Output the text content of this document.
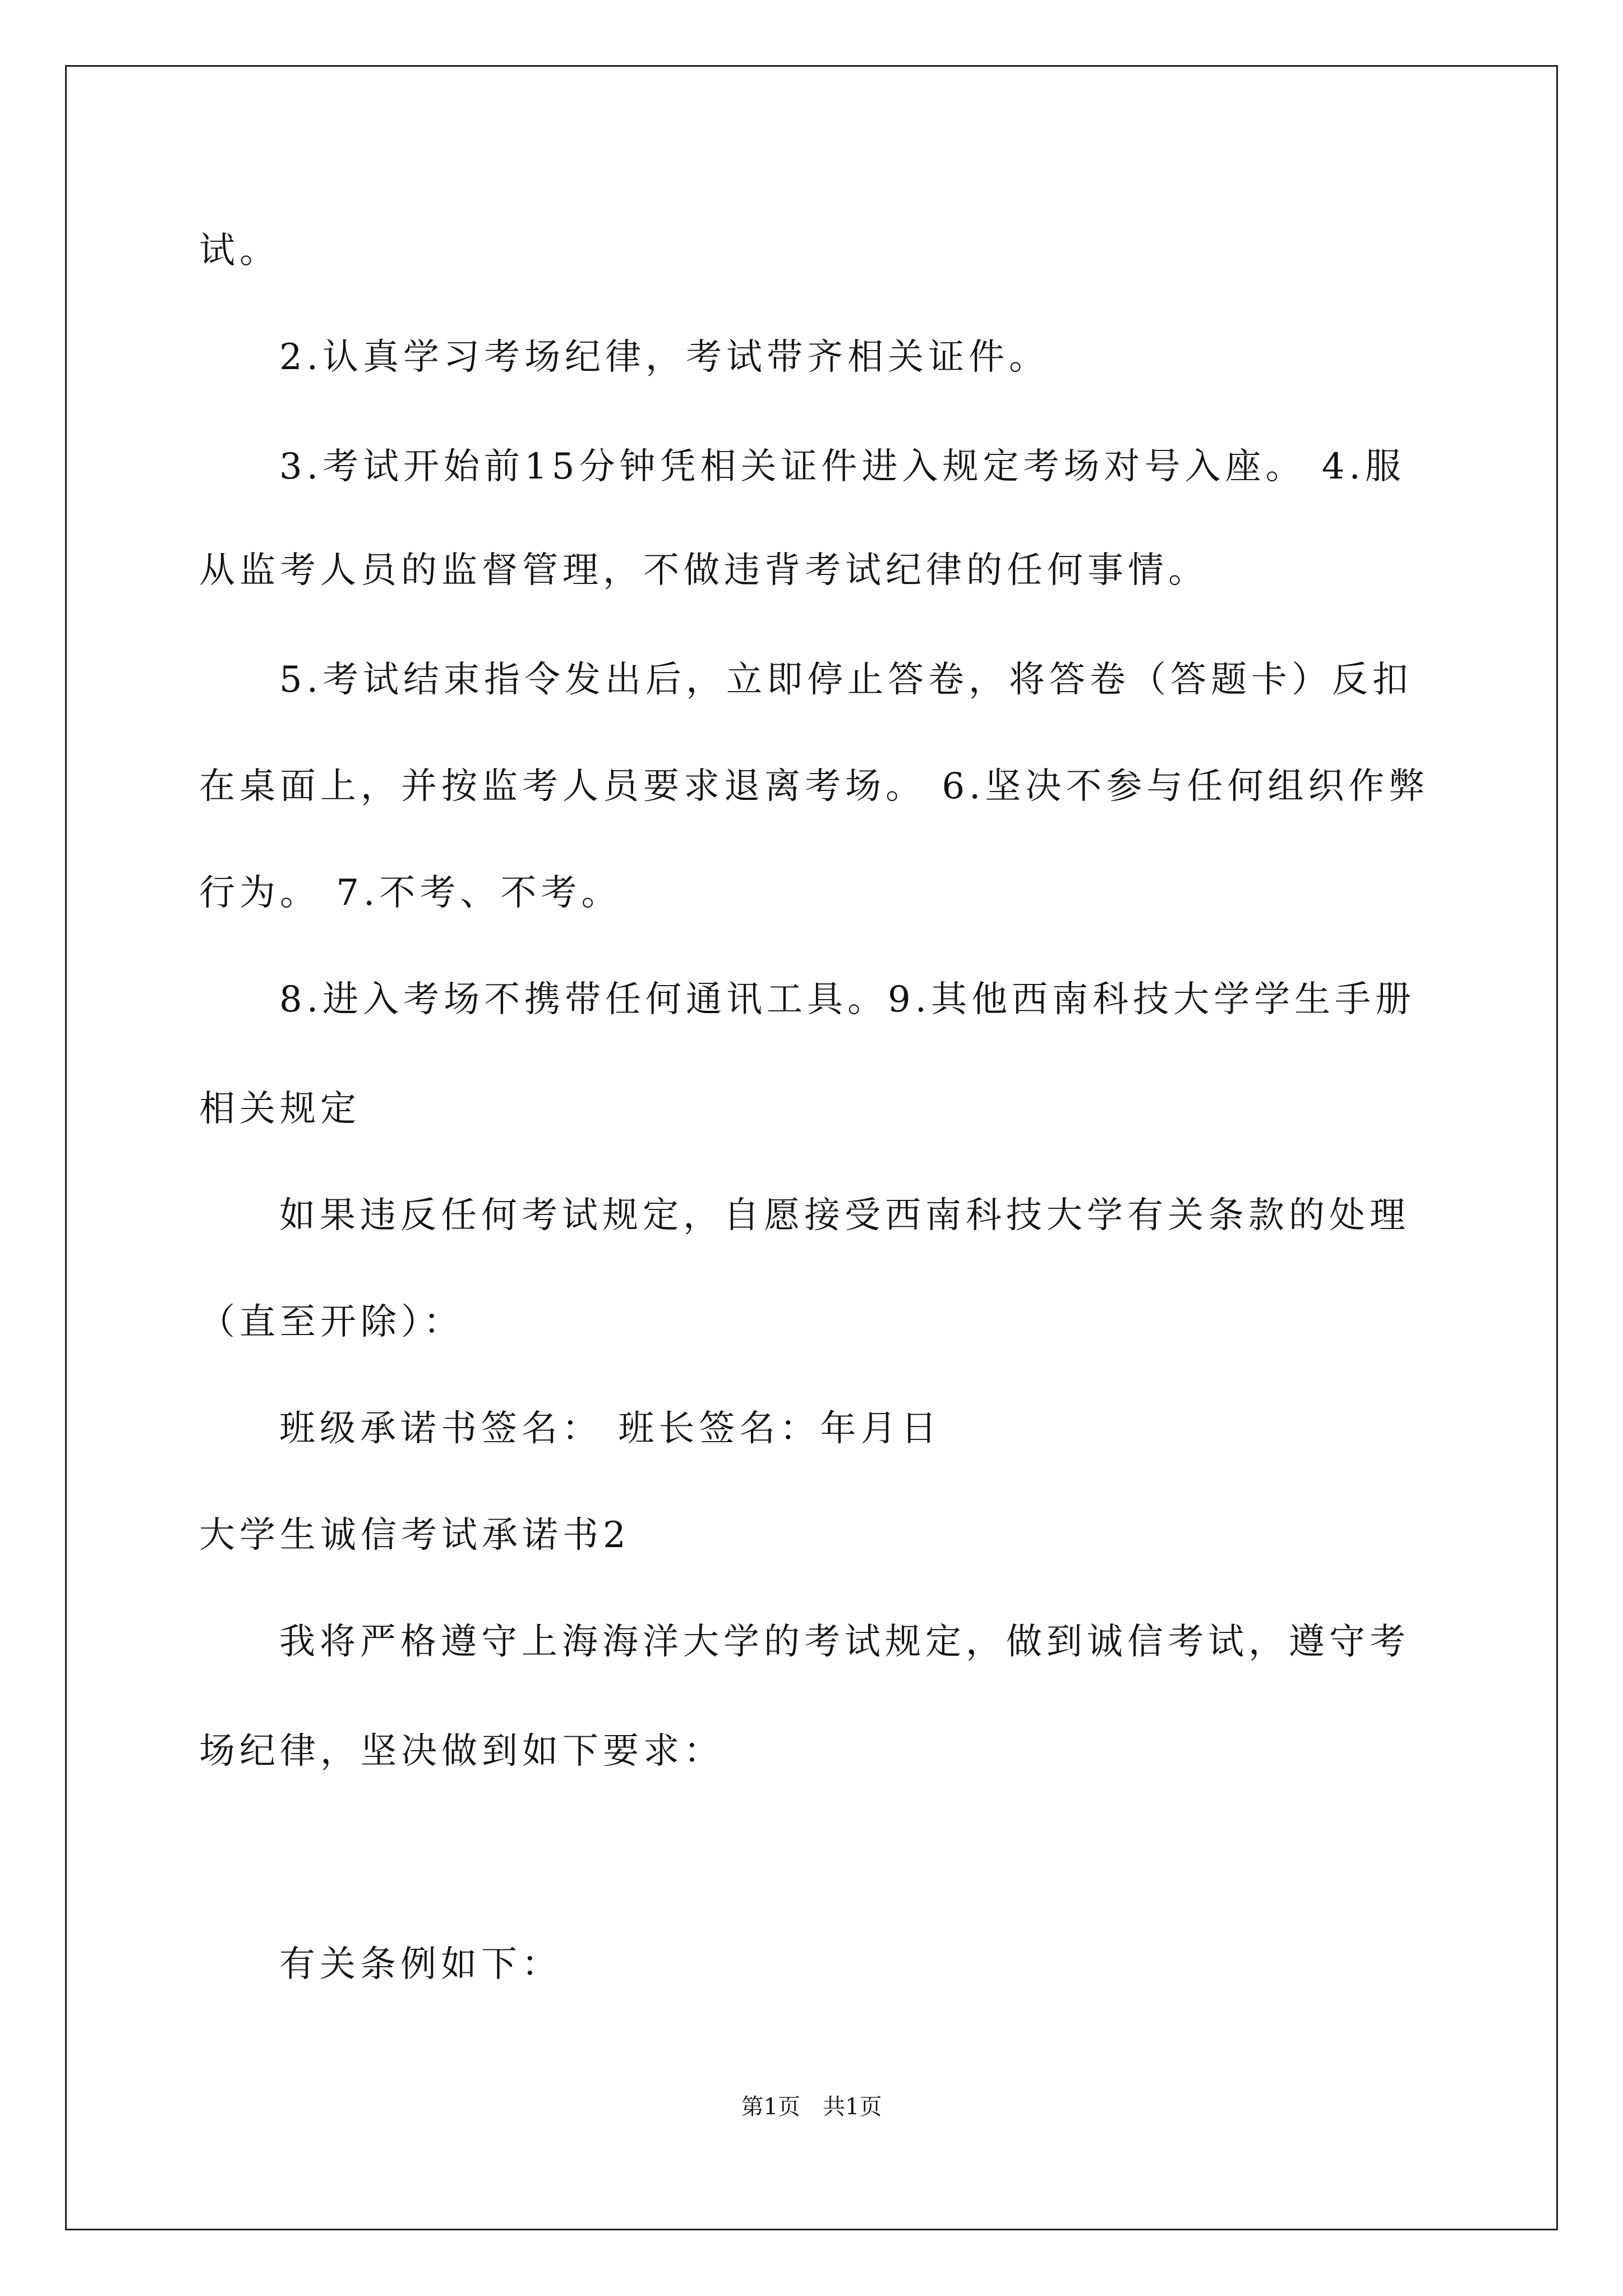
试。
2.认真学习考场纪律，考试带齐相关证件。
3.考试开始前15分钟凭相关证件进入规定考场对号入座。 4.服
从监考人员的监督管理，不做违背考试纪律的任何事情。
5.考试结束指令发出后，立即停止答卷，将答卷（答题卡）反扣
在桌面上，并按监考人员要求退离考场。 6.坚决不参与任何组织作弊
行为。 7.不考、不考。
8.进入考场不携带任何通讯工具。9.其他西南科技大学学生手册
相关规定
如果违反任何考试规定，自愿接受西南科技大学有关条款的处理
（直至开除）：
班级承诺书签名： 班长签名：年月日
大学生诚信考试承诺书2
我将严格遵守上海海洋大学的考试规定，做到诚信考试，遵守考
场纪律，坚决做到如下要求：
有关条例如下：
第1页 共1页
